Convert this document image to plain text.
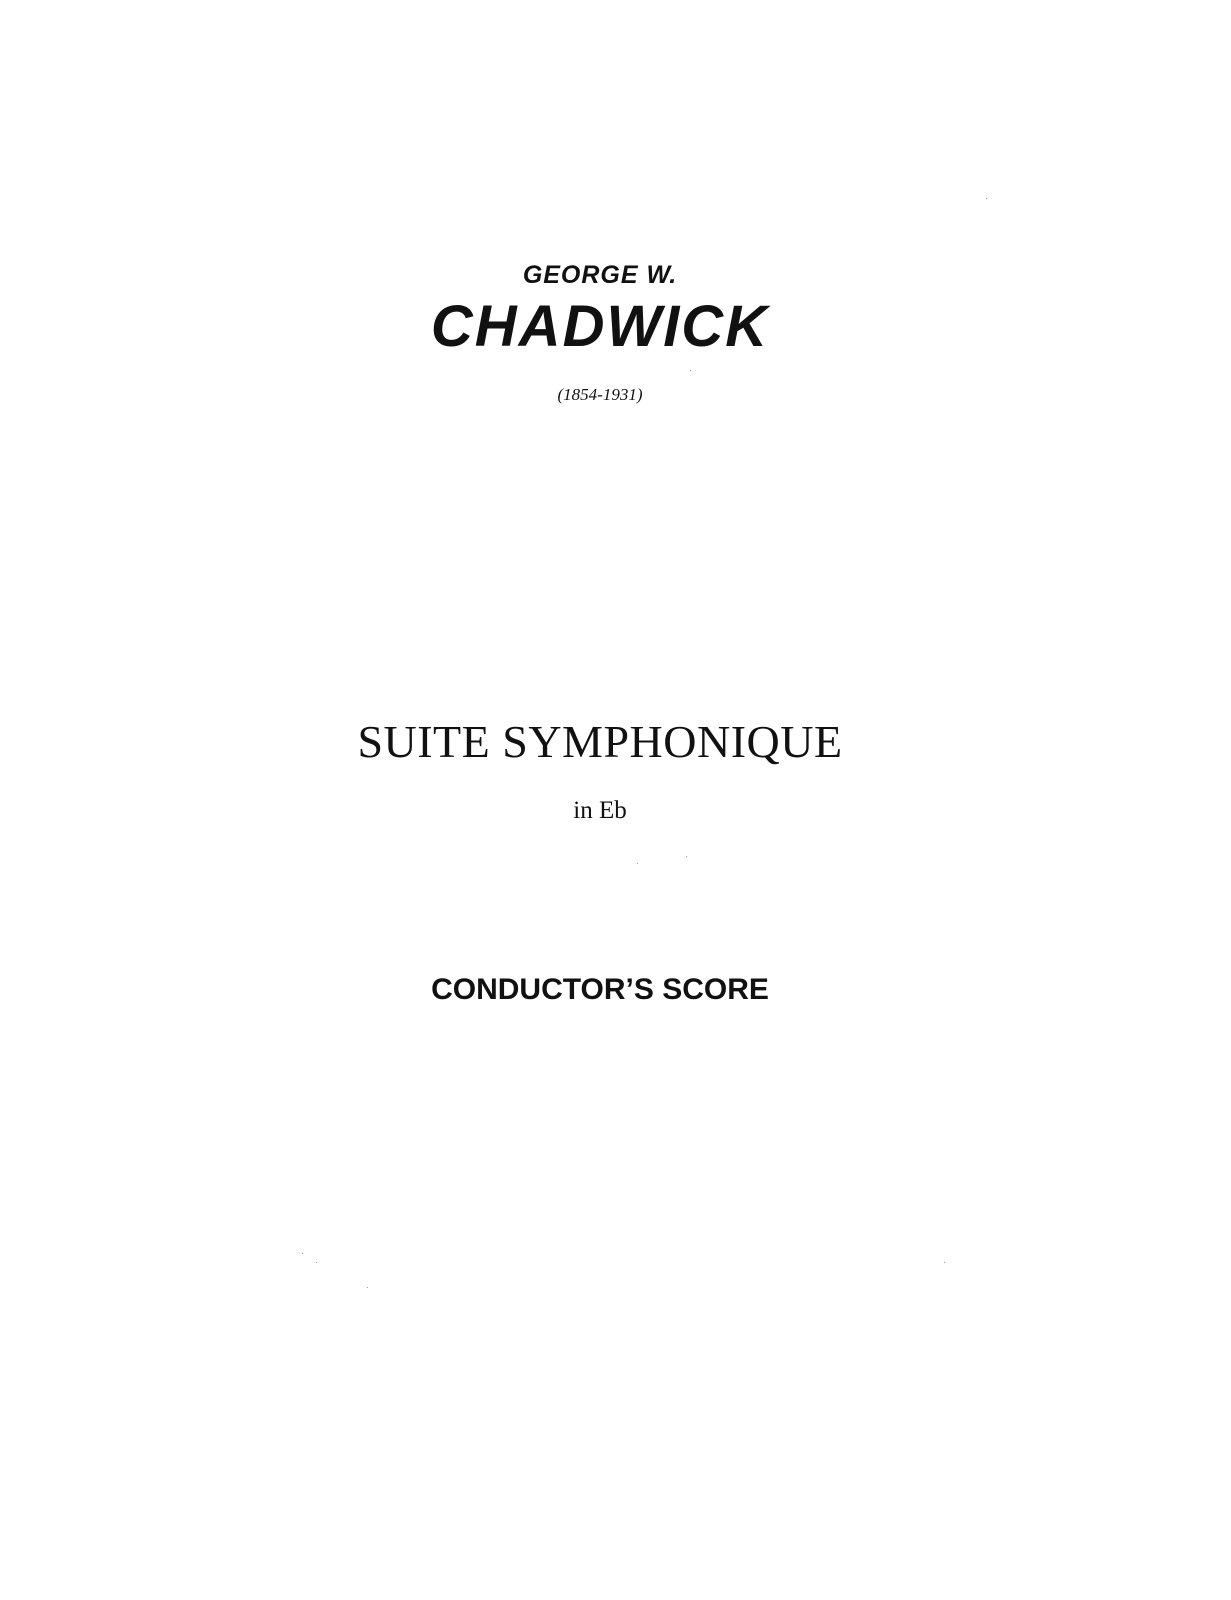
GEORGE W.
CHADWICK
(1854-1931)
SUITE SYMPHONIQUE
in Eb
CONDUCTOR’S SCORE
